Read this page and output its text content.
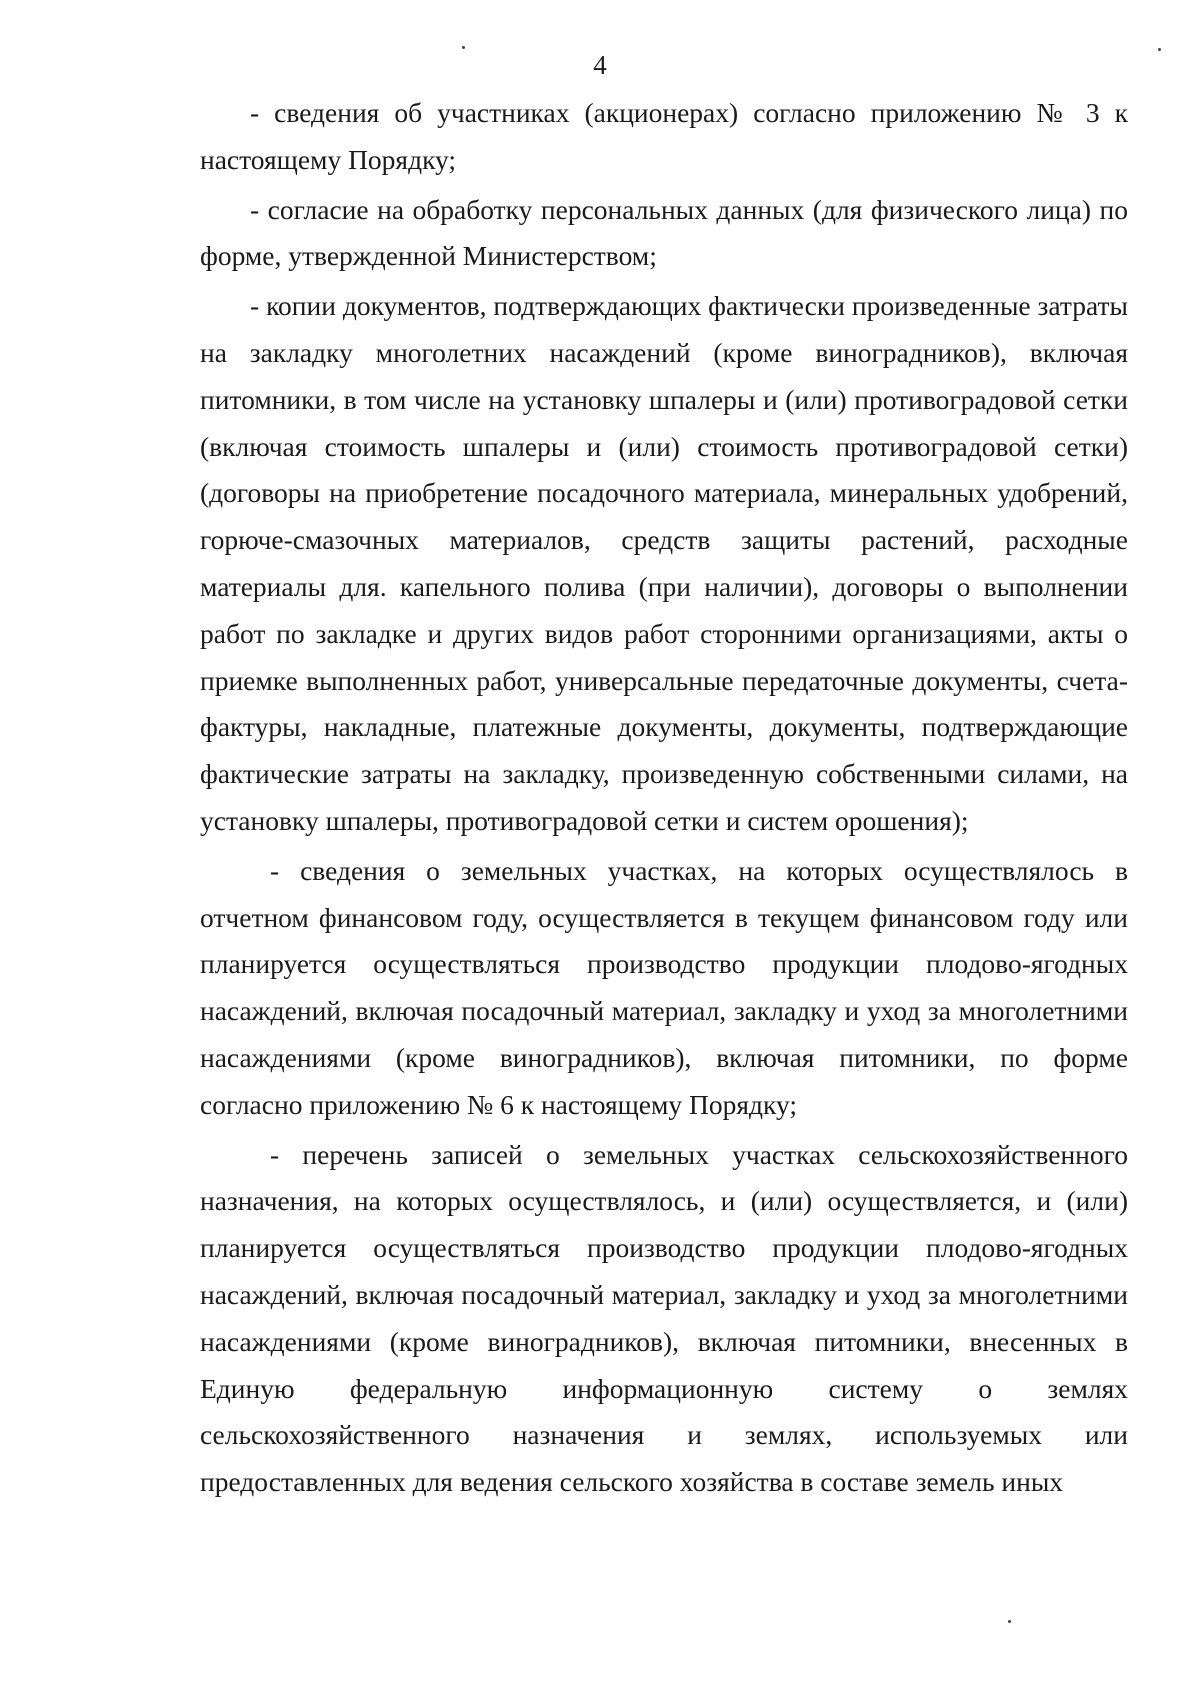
4

- сведения об участниках (акционерах) согласно приложению № 3 к настоящему Порядку;

- согласие на обработку персональных данных (для физического лица) по форме, утвержденной Министерством;

- копии документов, подтверждающих фактически произведенные затраты на закладку многолетних насаждений (кроме виноградников), включая питомники, в том числе на установку шпалеры и (или) противоградовой сетки (включая стоимость шпалеры и (или) стоимость противоградовой сетки) (договоры на приобретение посадочного материала, минеральных удобрений, горюче-смазочных материалов, средств защиты растений, расходные материалы для. капельного полива (при наличии), договоры о выполнении работ по закладке и других видов работ сторонними организациями, акты о приемке выполненных работ, универсальные передаточные документы, счета-фактуры, накладные, платежные документы, документы, подтверждающие фактические затраты на закладку, произведенную собственными силами, на установку шпалеры, противоградовой сетки и систем орошения);

- сведения о земельных участках, на которых осуществлялось в отчетном финансовом году, осуществляется в текущем финансовом году или планируется осуществляться производство продукции плодово-ягодных насаждений, включая посадочный материал, закладку и уход за многолетними насаждениями (кроме виноградников), включая питомники, по форме согласно приложению № 6 к настоящему Порядку;

- перечень записей о земельных участках сельскохозяйственного назначения, на которых осуществлялось, и (или) осуществляется, и (или) планируется осуществляться производство продукции плодово-ягодных насаждений, включая посадочный материал, закладку и уход за многолетними насаждениями (кроме виноградников), включая питомники, внесенных в Единую федеральную информационную систему о землях сельскохозяйственного назначения и землях, используемых или предоставленных для ведения сельского хозяйства в составе земель иных
